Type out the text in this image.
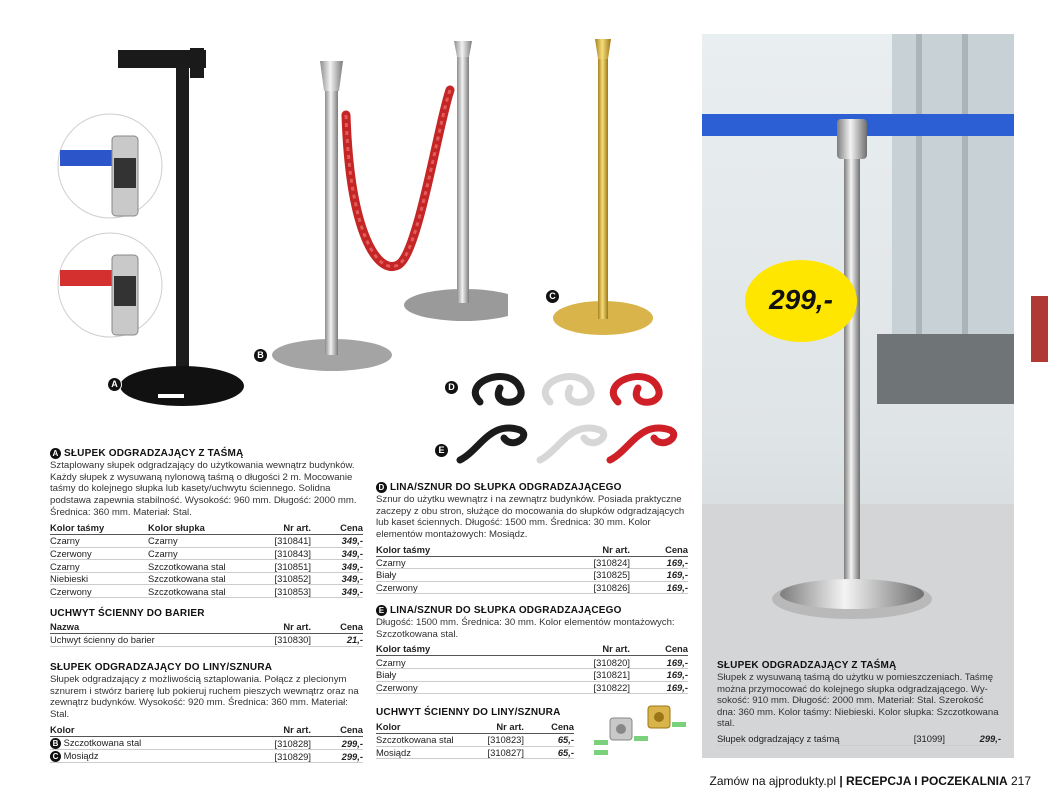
A
B
C
D
E
299,-
A SŁUPEK ODGRADZAJĄCY Z TAŚMĄ
Sztaplowany słupek odgradzający do użytkowania wewnątrz budynków. Każdy słupek z wysuwaną nylonową taśmą o długości 2 m. Mocowanie taśmy do kolejnego słupka lub kasety/uchwytu ściennego. Solidna podstawa zapewnia stabilność. Wysokość: 960 mm. Długość: 2000 mm. Średnica: 360 mm. Materiał: Stal.
Kolor taśmy	Kolor słupka	Nr art.	Cena
Czarny	Czarny	[310841]	349,-
Czerwony	Czarny	[310843]	349,-
Czarny	Szczotkowana stal	[310851]	349,-
Niebieski	Szczotkowana stal	[310852]	349,-
Czerwony	Szczotkowana stal	[310853]	349,-
UCHWYT ŚCIENNY DO BARIER
Nazwa	Nr art.	Cena
Uchwyt ścienny do barier	[310830]	21,-
SŁUPEK ODGRADZAJĄCY DO LINY/SZNURA
Słupek odgradzający z możliwością sztaplowania. Połącz z plecionym sznurem i stwórz barierę lub pokieruj ruchem pieszych wewnątrz oraz na zewnątrz budynków. Wysokość: 920 mm. Średnica: 360 mm. Materiał: Stal.
Kolor	Nr art.	Cena
B Szczotkowana stal	[310828]	299,-
C Mosiądz	[310829]	299,-
D LINA/SZNUR DO SŁUPKA ODGRADZAJĄCEGO
Sznur do użytku wewnątrz i na zewnątrz budynków. Posiada praktyczne zaczepy z obu stron, służące do mocowania do słupków odgradzających lub kaset ściennych. Długość: 1500 mm. Średnica: 30 mm. Kolor elementów montażowych: Mosiądz.
Kolor taśmy	Nr art.	Cena
Czarny	[310824]	169,-
Biały	[310825]	169,-
Czerwony	[310826]	169,-
E LINA/SZNUR DO SŁUPKA ODGRADZAJĄCEGO
Długość: 1500 mm. Średnica: 30 mm. Kolor elementów montażowych: Szczotkowana stal.
Kolor taśmy	Nr art.	Cena
Czarny	[310820]	169,-
Biały	[310821]	169,-
Czerwony	[310822]	169,-
UCHWYT ŚCIENNY DO LINY/SZNURA
Kolor	Nr art.	Cena
Szczotkowana stal	[310823]	65,-
Mosiądz	[310827]	65,-
SŁUPEK ODGRADZAJĄCY Z TAŚMĄ
Słupek z wysuwaną taśmą do użytku w pomieszczeniach. Taśmę można przymocować do kolejnego słupka odgradzającego. Wysokość: 910 mm. Długość: 2000 mm. Materiał: Stal. Szerokość dna: 360 mm. Kolor taśmy: Niebieski. Kolor słupka: Szczotkowana stal.
Słupek odgradzający z taśmą	[31099]	299,-
Zamów na ajprodukty.pl | RECEPCJA I POCZEKALNIA 217
